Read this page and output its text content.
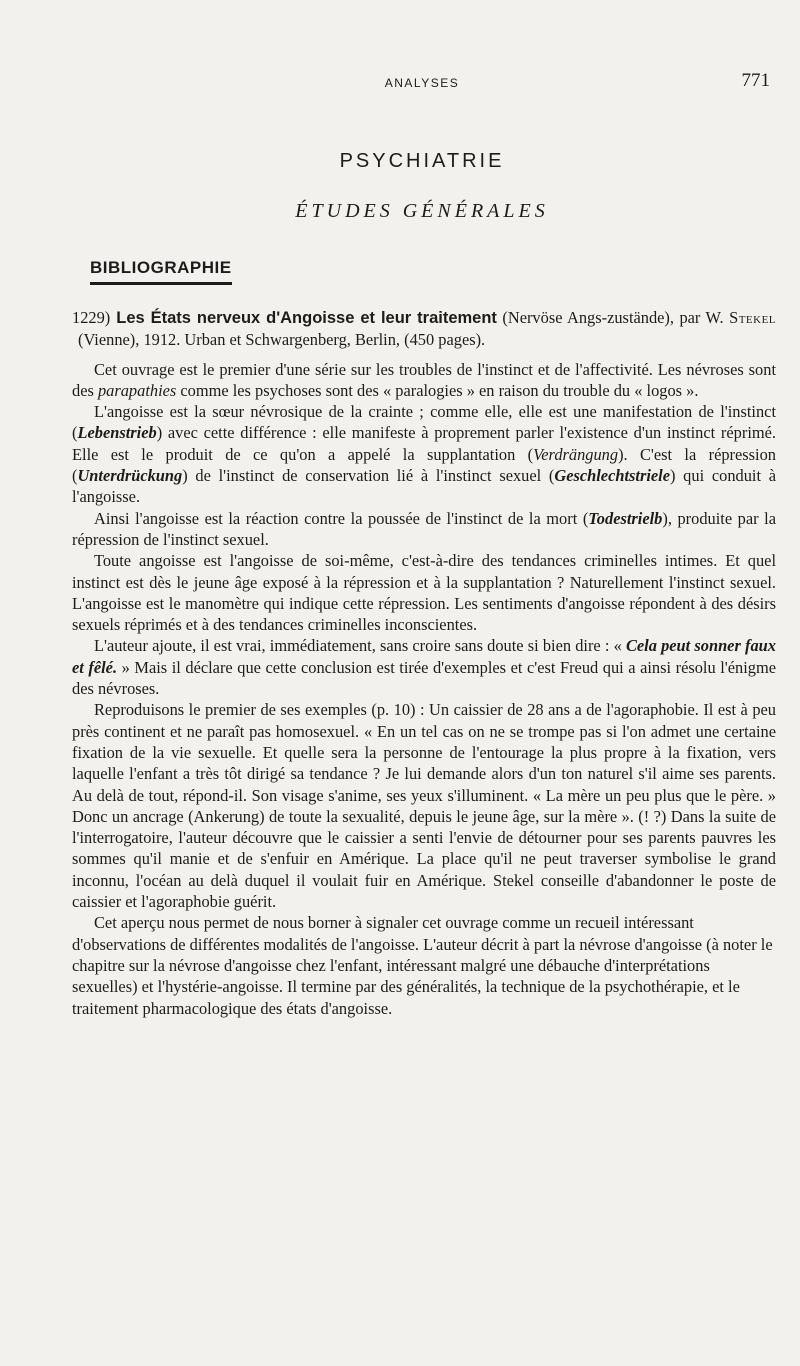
ANALYSES	771
PSYCHIATRIE
ÉTUDES GÉNÉRALES
BIBLIOGRAPHIE

1229) Les États nerveux d'Angoisse et leur traitement (Nervöse Angs-zustände), par W. Stekel (Vienne), 1912. Urban et Schwargenberg, Berlin, (450 pages).

Cet ouvrage est le premier d'une série sur les troubles de l'instinct et de l'affectivité. Les névroses sont des parapathies comme les psychoses sont des « paralogies » en raison du trouble du « logos ».

L'angoisse est la sœur névrosique de la crainte ; comme elle, elle est une manifestation de l'instinct (Lebenstrieb) avec cette différence : elle manifeste à proprement parler l'existence d'un instinct réprimé. Elle est le produit de ce qu'on a appelé la supplantation (Verdrängung). C'est la répression (Unterdrückung) de l'instinct de conservation lié à l'instinct sexuel (Geschlechtstriele) qui conduit à l'angoisse.

Ainsi l'angoisse est la réaction contre la poussée de l'instinct de la mort (Todestrielb), produite par la répression de l'instinct sexuel.

Toute angoisse est l'angoisse de soi-même, c'est-à-dire des tendances criminelles intimes. Et quel instinct est dès le jeune âge exposé à la répression et à la supplantation ? Naturellement l'instinct sexuel. L'angoisse est le manomètre qui indique cette répression. Les sentiments d'angoisse répondent à des désirs sexuels réprimés et à des tendances criminelles inconscientes.

L'auteur ajoute, il est vrai, immédiatement, sans croire sans doute si bien dire : « Cela peut sonner faux et fêlé. » Mais il déclare que cette conclusion est tirée d'exemples et c'est Freud qui a ainsi résolu l'énigme des névroses.

Reproduisons le premier de ses exemples (p. 10) : Un caissier de 28 ans a de l'agoraphobie. Il est à peu près continent et ne paraît pas homosexuel. « En un tel cas on ne se trompe pas si l'on admet une certaine fixation de la vie sexuelle. Et quelle sera la personne de l'entourage la plus propre à la fixation, vers laquelle l'enfant a très tôt dirigé sa tendance ? Je lui demande alors d'un ton naturel s'il aime ses parents. Au delà de tout, répond-il. Son visage s'anime, ses yeux s'illuminent. « La mère un peu plus que le père. » Donc un ancrage (Ankerung) de toute la sexualité, depuis le jeune âge, sur la mère ». (! ?) Dans la suite de l'interrogatoire, l'auteur découvre que le caissier a senti l'envie de détourner pour ses parents pauvres les sommes qu'il manie et de s'enfuir en Amérique. La place qu'il ne peut traverser symbolise le grand inconnu, l'océan au delà duquel il voulait fuir en Amérique. Stekel conseille d'abandonner le poste de caissier et l'agoraphobie guérit.

Cet aperçu nous permet de nous borner à signaler cet ouvrage comme un recueil intéressant d'observations de différentes modalités de l'angoisse. L'auteur décrit à part la névrose d'angoisse (à noter le chapitre sur la névrose d'angoisse chez l'enfant, intéressant malgré une débauche d'interprétations sexuelles) et l'hystérie-angoisse. Il termine par des généralités, la technique de la psychothérapie, et le traitement pharmacologique des états d'angoisse.
